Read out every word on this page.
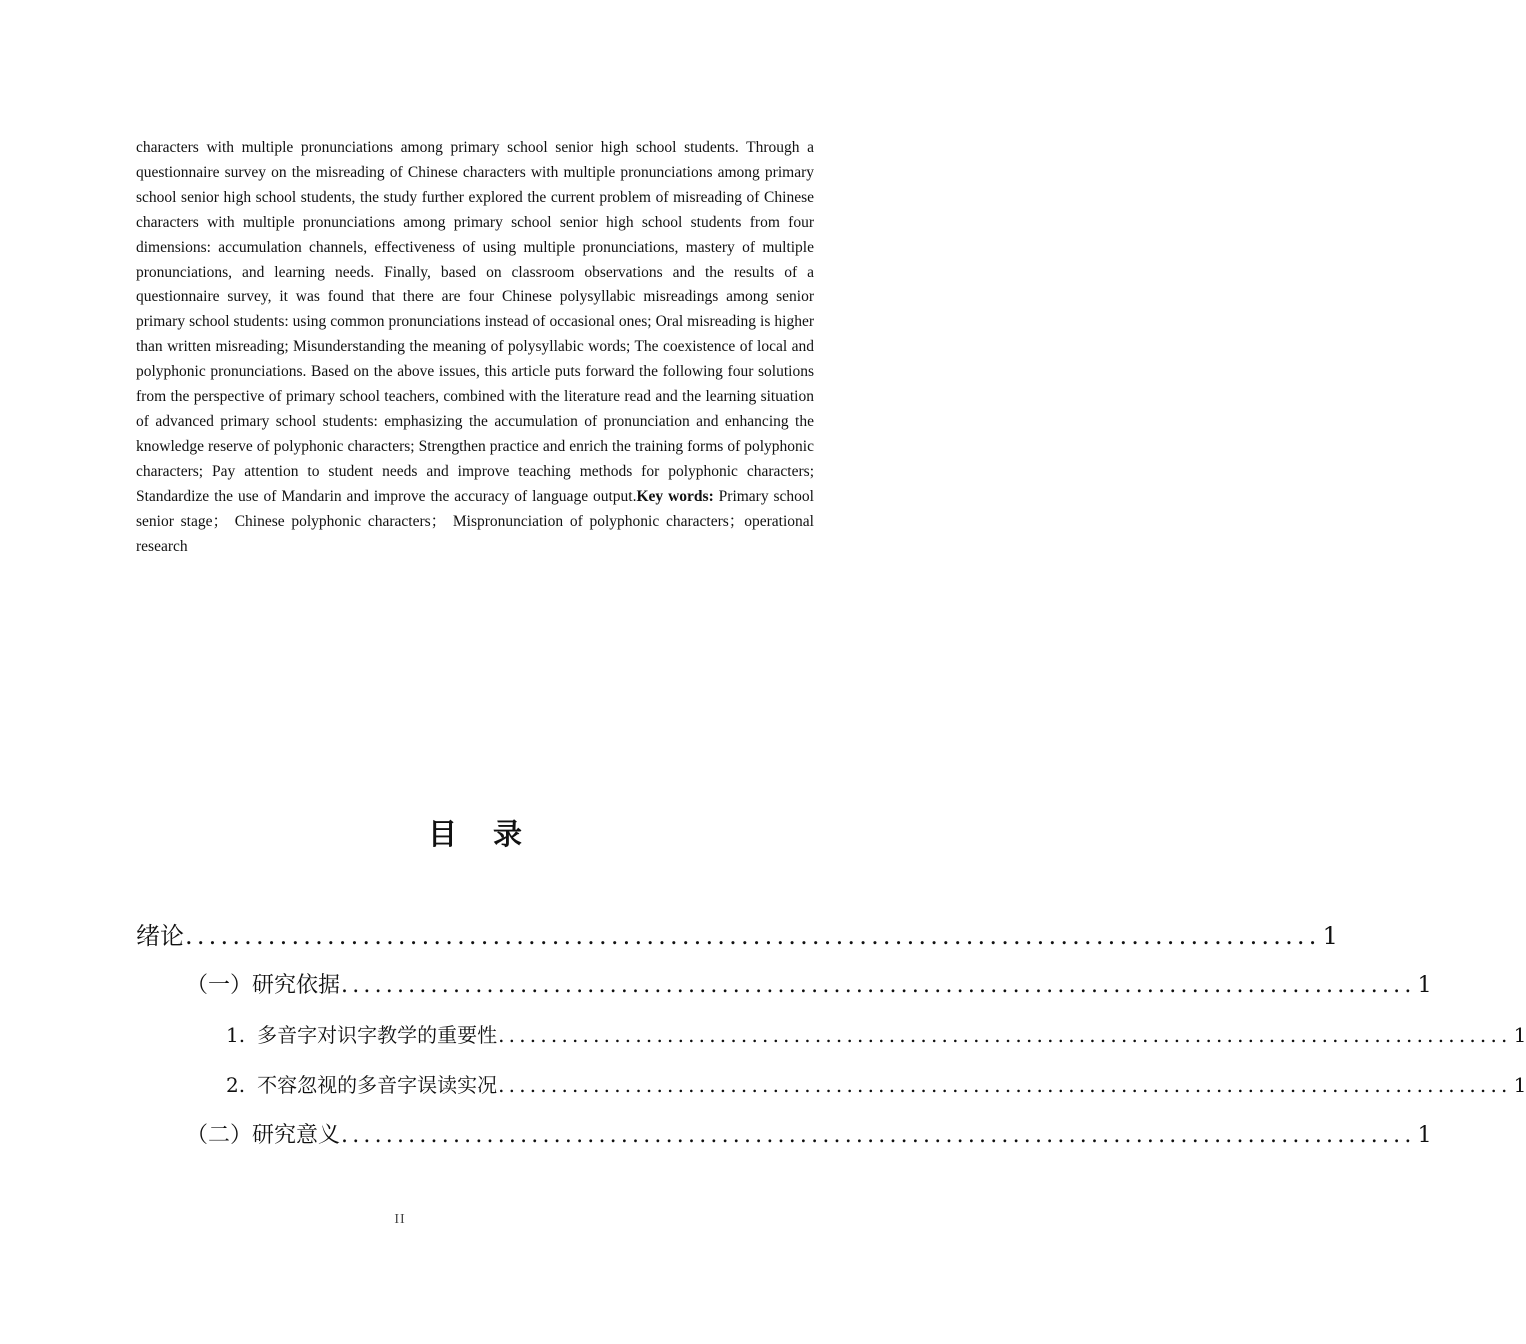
characters with multiple pronunciations among primary school senior high school students. Through a questionnaire survey on the misreading of Chinese characters with multiple pronunciations among primary school senior high school students, the study further explored the current problem of misreading of Chinese characters with multiple pronunciations among primary school senior high school students from four dimensions: accumulation channels, effectiveness of using multiple pronunciations, mastery of multiple pronunciations, and learning needs. Finally, based on classroom observations and the results of a questionnaire survey, it was found that there are four Chinese polysyllabic misreadings among senior primary school students: using common pronunciations instead of occasional ones; Oral misreading is higher than written misreading; Misunderstanding the meaning of polysyllabic words; The coexistence of local and polyphonic pronunciations. Based on the above issues, this article puts forward the following four solutions from the perspective of primary school teachers, combined with the literature read and the learning situation of advanced primary school students: emphasizing the accumulation of pronunciation and enhancing the knowledge reserve of polyphonic characters; Strengthen practice and enrich the training forms of polyphonic characters; Pay attention to student needs and improve teaching methods for polyphonic characters; Standardize the use of Mandarin and improve the accuracy of language output.Key words: Primary school senior stage； Chinese polyphonic characters； Mispronunciation of polyphonic characters；operational research

目录
绪论 ................................................................................................ 1
（一）研究依据 ................................................................................................ 1
1. 多音字对识字教学的重要性 ................................................................................................ 1
2. 不容忽视的多音字误读实况 ................................................................................................ 1
（二）研究意义 ................................................................................................ 1
II
